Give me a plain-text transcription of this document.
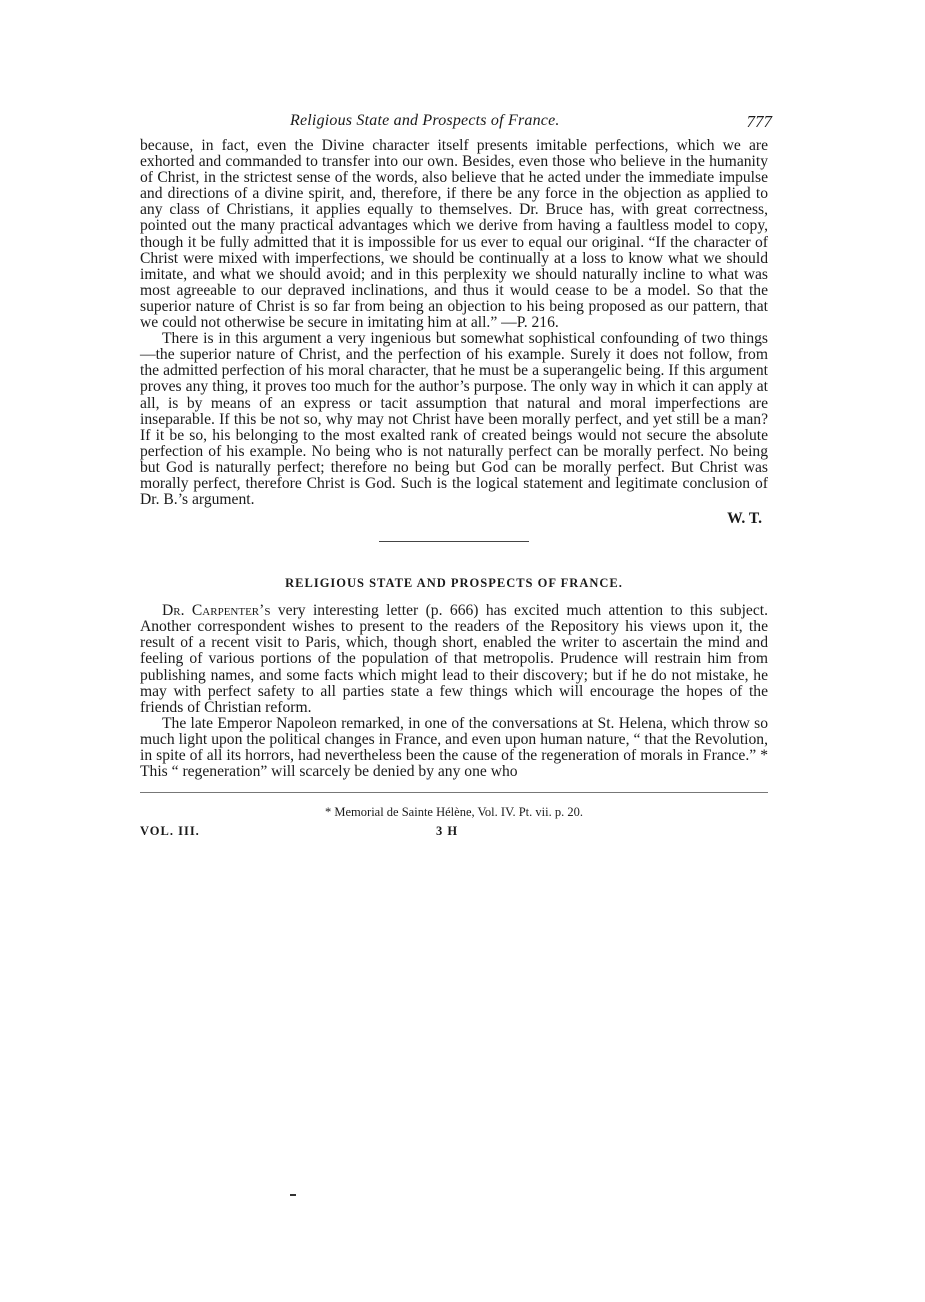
Religious State and Prospects of France.	777

because, in fact, even the Divine character itself presents imitable perfections, which we are exhorted and commanded to transfer into our own. Besides, even those who believe in the humanity of Christ, in the strictest sense of the words, also believe that he acted under the immediate impulse and directions of a divine spirit, and, therefore, if there be any force in the objection as applied to any class of Christians, it applies equally to themselves. Dr. Bruce has, with great correctness, pointed out the many practical advantages which we derive from having a faultless model to copy, though it be fully admitted that it is impossible for us ever to equal our original. “If the character of Christ were mixed with imperfections, we should be continually at a loss to know what we should imitate, and what we should avoid; and in this perplexity we should naturally incline to what was most agreeable to our depraved inclinations, and thus it would cease to be a model. So that the superior nature of Christ is so far from being an objection to his being proposed as our pattern, that we could not otherwise be secure in imitating him at all.” —P. 216.

There is in this argument a very ingenious but somewhat sophistical confounding of two things—the superior nature of Christ, and the perfection of his example. Surely it does not follow, from the admitted perfection of his moral character, that he must be a superangelic being. If this argument proves any thing, it proves too much for the author’s purpose. The only way in which it can apply at all, is by means of an express or tacit assumption that natural and moral imperfections are inseparable. If this be not so, why may not Christ have been morally perfect, and yet still be a man? If it be so, his belonging to the most exalted rank of created beings would not secure the absolute perfection of his example. No being who is not naturally perfect can be morally perfect. No being but God is naturally perfect; therefore no being but God can be morally perfect. But Christ was morally perfect, therefore Christ is God. Such is the logical statement and legitimate conclusion of Dr. B.’s argument.

W. T.
RELIGIOUS STATE AND PROSPECTS OF FRANCE.

Dr. Carpenter’s very interesting letter (p. 666) has excited much attention to this subject. Another correspondent wishes to present to the readers of the Repository his views upon it, the result of a recent visit to Paris, which, though short, enabled the writer to ascertain the mind and feeling of various portions of the population of that metropolis. Prudence will restrain him from publishing names, and some facts which might lead to their discovery; but if he do not mistake, he may with perfect safety to all parties state a few things which will encourage the hopes of the friends of Christian reform.

The late Emperor Napoleon remarked, in one of the conversations at St. Helena, which throw so much light upon the political changes in France, and even upon human nature, “ that the Revolution, in spite of all its horrors, had nevertheless been the cause of the regeneration of morals in France.” * This “ regeneration” will scarcely be denied by any one who

* Memorial de Sainte Hélène, Vol. IV. Pt. vii. p. 20.
VOL. III.	3 H
